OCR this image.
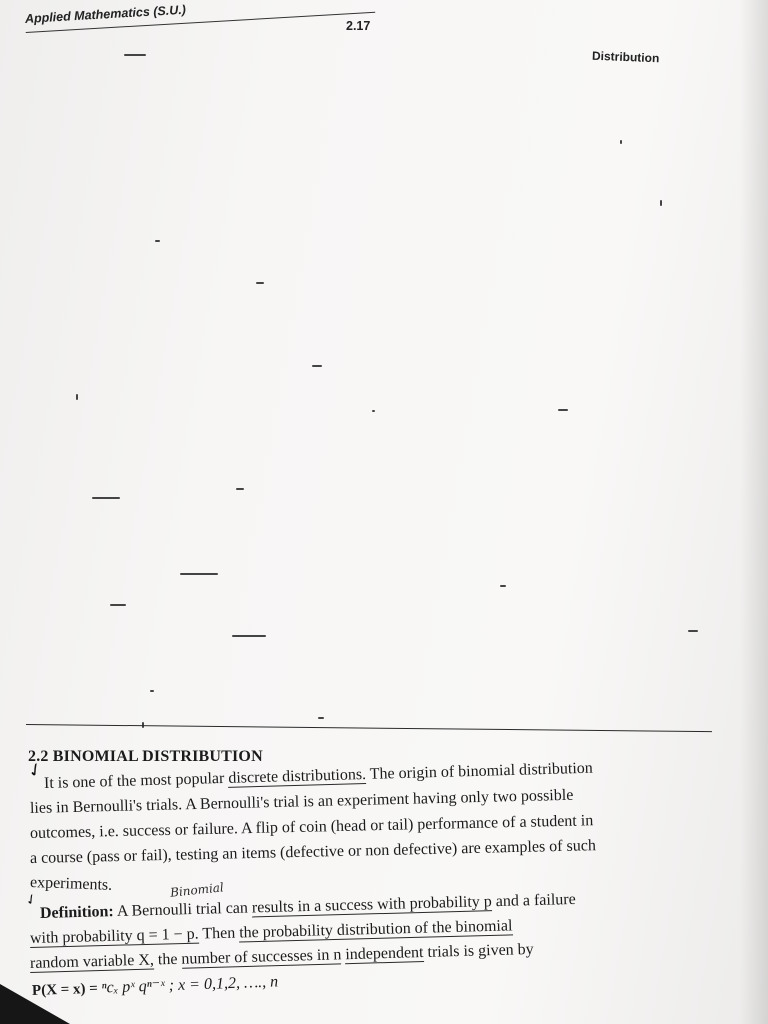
Applied Mathematics (S.U.)
2.17
Distribution
2.2 BINOMIAL DISTRIBUTION
✓
It is one of the most popular discrete distributions. The origin of binomial distribution
lies in Bernoulli's trials. A Bernoulli's trial is an experiment having only two possible
outcomes, i.e. success or failure. A flip of coin (head or tail) performance of a student in
a course (pass or fail), testing an items (defective or non defective) are examples of such
experiments.	Binomial
✓
Definition: A Bernoulli trial can results in a success with probability p and a failure
with probability q = 1 − p. Then the probability distribution of the binomial
random variable X, the number of successes in n independent trials is given by
P(X = x) = ⁿcₓ pˣ qⁿ⁻ˣ ; x = 0,1,2, …., n
